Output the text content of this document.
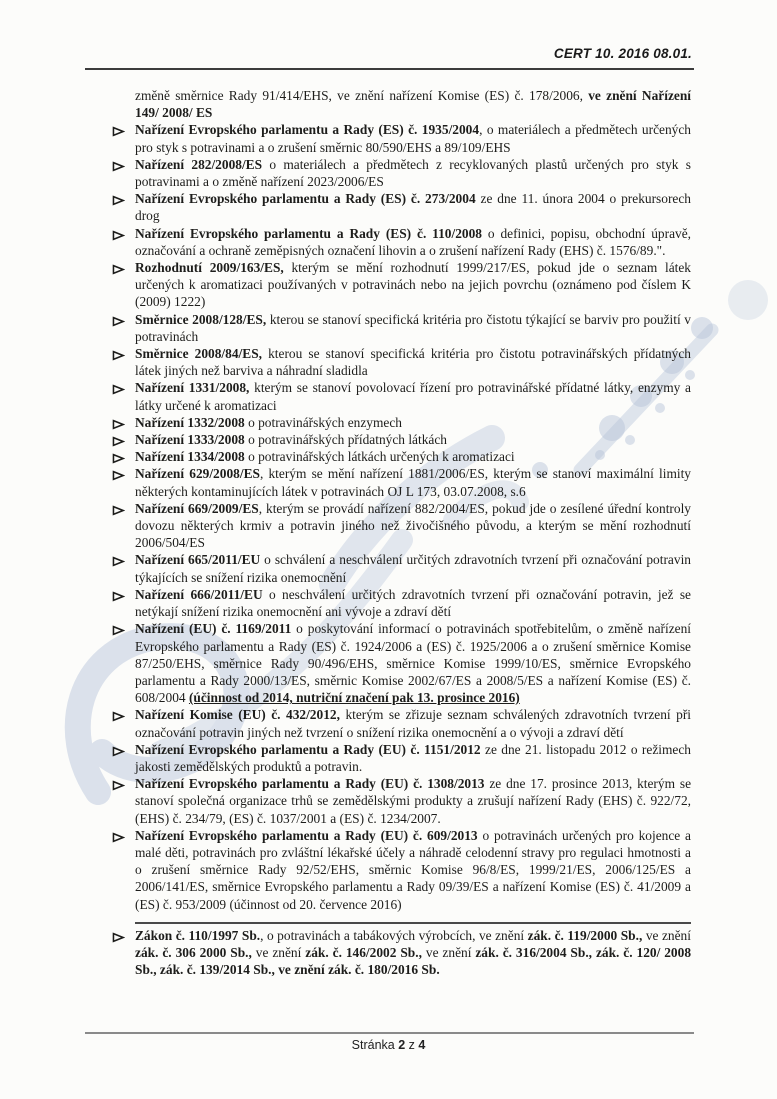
CERT 10. 2016 08.01.
změně směrnice Rady 91/414/EHS, ve znění nařízení Komise (ES) č. 178/2006, ve znění Nařízení 149/ 2008/ ES
Nařízení Evropského parlamentu a Rady (ES) č. 1935/2004, o materiálech a předmětech určených pro styk s potravinami a o zrušení směrnic 80/590/EHS a 89/109/EHS
Nařízení 282/2008/ES o materiálech a předmětech z recyklovaných plastů určených pro styk s potravinami a o změně nařízení 2023/2006/ES
Nařízení Evropského parlamentu a Rady (ES) č. 273/2004 ze dne 11. února 2004 o prekursorech drog
Nařízení Evropského parlamentu a Rady (ES) č. 110/2008 o definici, popisu, obchodní úpravě, označování a ochraně zeměpisných označení lihovin a o zrušení nařízení Rady (EHS) č. 1576/89.".
Rozhodnutí 2009/163/ES, kterým se mění rozhodnutí 1999/217/ES, pokud jde o seznam látek určených k aromatizaci používaných v potravinách nebo na jejich povrchu (oznámeno pod číslem K (2009) 1222)
Směrnice 2008/128/ES, kterou se stanoví specifická kritéria pro čistotu týkající se barviv pro použití v potravinách
Směrnice 2008/84/ES, kterou se stanoví specifická kritéria pro čistotu potravinářských přídatných látek jiných než barviva a náhradní sladidla
Nařízení 1331/2008, kterým se stanoví povolovací řízení pro potravinářské přídatné látky, enzymy a látky určené k aromatizaci
Nařízení 1332/2008 o potravinářských enzymech
Nařízení 1333/2008 o potravinářských přídatných látkách
Nařízení 1334/2008 o potravinářských látkách určených k aromatizaci
Nařízení 629/2008/ES, kterým se mění nařízení 1881/2006/ES, kterým se stanoví maximální limity některých kontaminujících látek v potravinách OJ L 173, 03.07.2008, s.6
Nařízení 669/2009/ES, kterým se provádí nařízení 882/2004/ES, pokud jde o zesílené úřední kontroly dovozu některých krmiv a potravin jiného než živočišného původu, a kterým se mění rozhodnutí 2006/504/ES
Nařízení 665/2011/EU o schválení a neschválení určitých zdravotních tvrzení při označování potravin týkajících se snížení rizika onemocnění
Nařízení 666/2011/EU o neschválení určitých zdravotních tvrzení při označování potravin, jež se netýkají snížení rizika onemocnění ani vývoje a zdraví dětí
Nařízení (EU) č. 1169/2011 o poskytování informací o potravinách spotřebitelům, o změně nařízení Evropského parlamentu a Rady (ES) č. 1924/2006 a (ES) č. 1925/2006 a o zrušení směrnice Komise 87/250/EHS, směrnice Rady 90/496/EHS, směrnice Komise 1999/10/ES, směrnice Evropského parlamentu a Rady 2000/13/ES, směrnic Komise 2002/67/ES a 2008/5/ES a nařízení Komise (ES) č. 608/2004 (účinnost od 2014, nutriční značení pak 13. prosince 2016)
Nařízení Komise (EU) č. 432/2012, kterým se zřizuje seznam schválených zdravotních tvrzení při označování potravin jiných než tvrzení o snížení rizika onemocnění a o vývoji a zdraví dětí
Nařízení Evropského parlamentu a Rady (EU) č. 1151/2012 ze dne 21. listopadu 2012 o režimech jakosti zemědělských produktů a potravin.
Nařízení Evropského parlamentu a Rady (EU) č. 1308/2013 ze dne 17. prosince 2013, kterým se stanoví společná organizace trhů se zemědělskými produkty a zrušují nařízení Rady (EHS) č. 922/72, (EHS) č. 234/79, (ES) č. 1037/2001 a (ES) č. 1234/2007.
Nařízení Evropského parlamentu a Rady (EU) č. 609/2013 o potravinách určených pro kojence a malé děti, potravinách pro zvláštní lékařské účely a náhradě celodenní stravy pro regulaci hmotnosti a o zrušení směrnice Rady 92/52/EHS, směrnic Komise 96/8/ES, 1999/21/ES, 2006/125/ES a 2006/141/ES, směrnice Evropského parlamentu a Rady 09/39/ES a nařízení Komise (ES) č. 41/2009 a (ES) č. 953/2009 (účinnost od 20. července 2016)
Zákon č. 110/1997 Sb., o potravinách a tabákových výrobcích, ve znění zák. č. 119/2000 Sb., ve znění zák. č. 306 2000 Sb., ve znění zák. č. 146/2002 Sb., ve znění zák. č. 316/2004 Sb., zák. č. 120/ 2008 Sb., zák. č. 139/2014 Sb., ve znění zák. č. 180/2016 Sb.
Stránka 2 z 4
